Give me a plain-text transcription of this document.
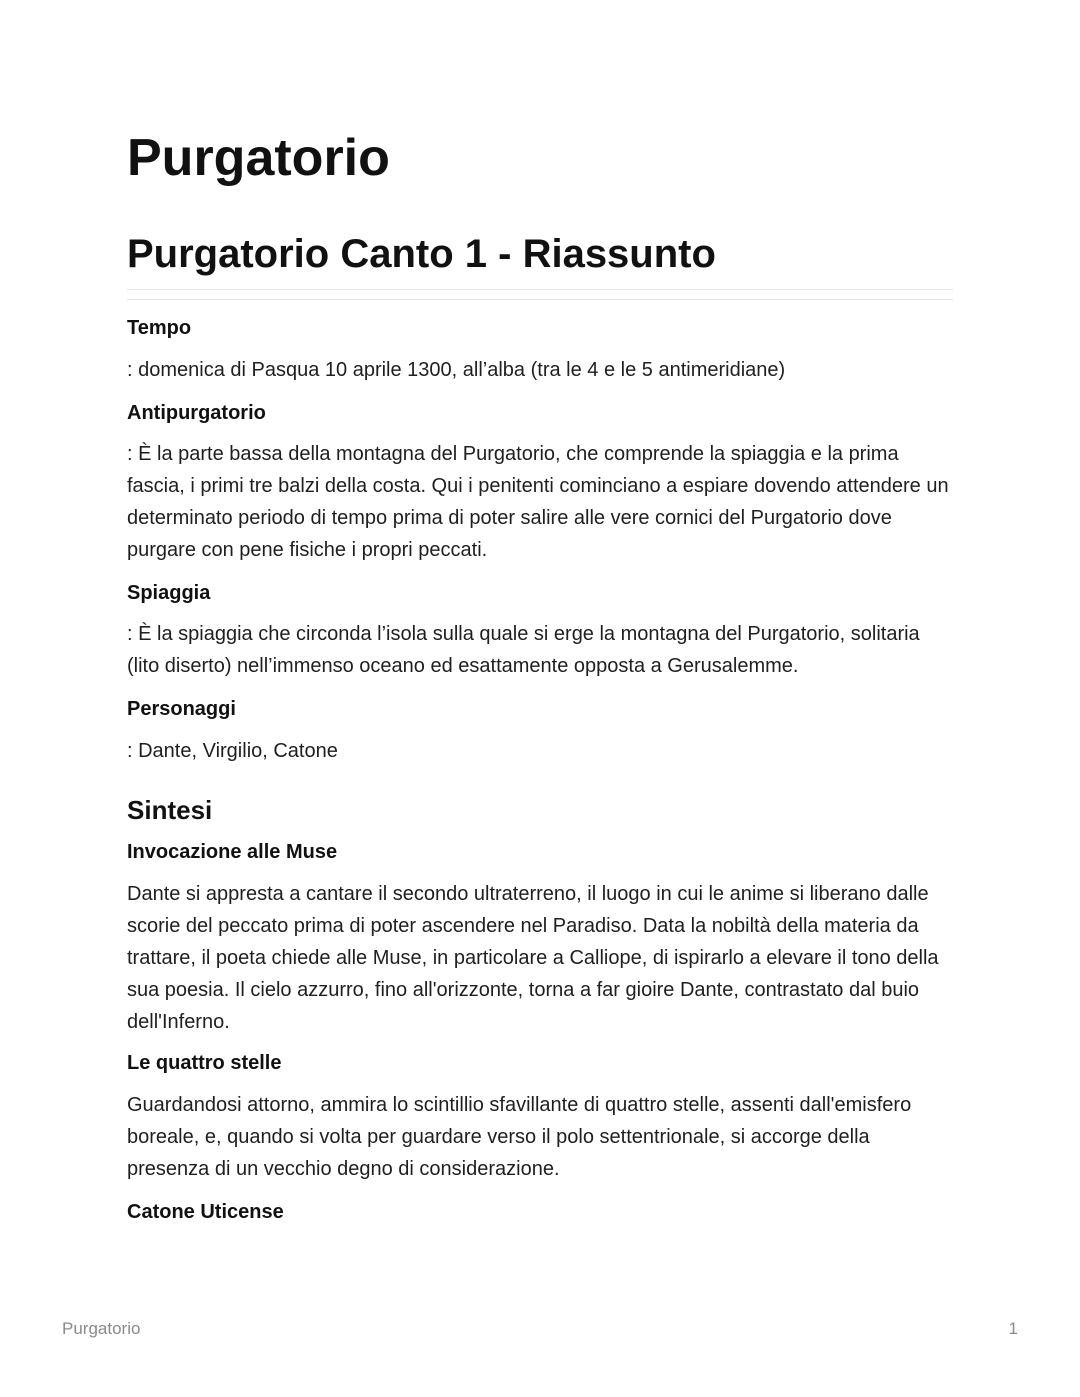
Purgatorio
Purgatorio Canto 1 - Riassunto
Tempo

: domenica di Pasqua 10 aprile 1300, all’alba (tra le 4 e le 5 antimeridiane)

Antipurgatorio

: È la parte bassa della montagna del Purgatorio, che comprende la spiaggia e la prima fascia, i primi tre balzi della costa. Qui i penitenti cominciano a espiare dovendo attendere un determinato periodo di tempo prima di poter salire alle vere cornici del Purgatorio dove purgare con pene fisiche i propri peccati.

Spiaggia

: È la spiaggia che circonda l’isola sulla quale si erge la montagna del Purgatorio, solitaria (lito diserto) nell’immenso oceano ed esattamente opposta a Gerusalemme.

Personaggi

: Dante, Virgilio, Catone

Sintesi
Invocazione alle Muse

Dante si appresta a cantare il secondo ultraterreno, il luogo in cui le anime si liberano dalle scorie del peccato prima di poter ascendere nel Paradiso. Data la nobiltà della materia da trattare, il poeta chiede alle Muse, in particolare a Calliope, di ispirarlo a elevare il tono della sua poesia. Il cielo azzurro, fino all'orizzonte, torna a far gioire Dante, contrastato dal buio dell'Inferno.

Le quattro stelle

Guardandosi attorno, ammira lo scintillio sfavillante di quattro stelle, assenti dall'emisfero boreale, e, quando si volta per guardare verso il polo settentrionale, si accorge della presenza di un vecchio degno di considerazione.

Catone Uticense
Purgatorio	1
